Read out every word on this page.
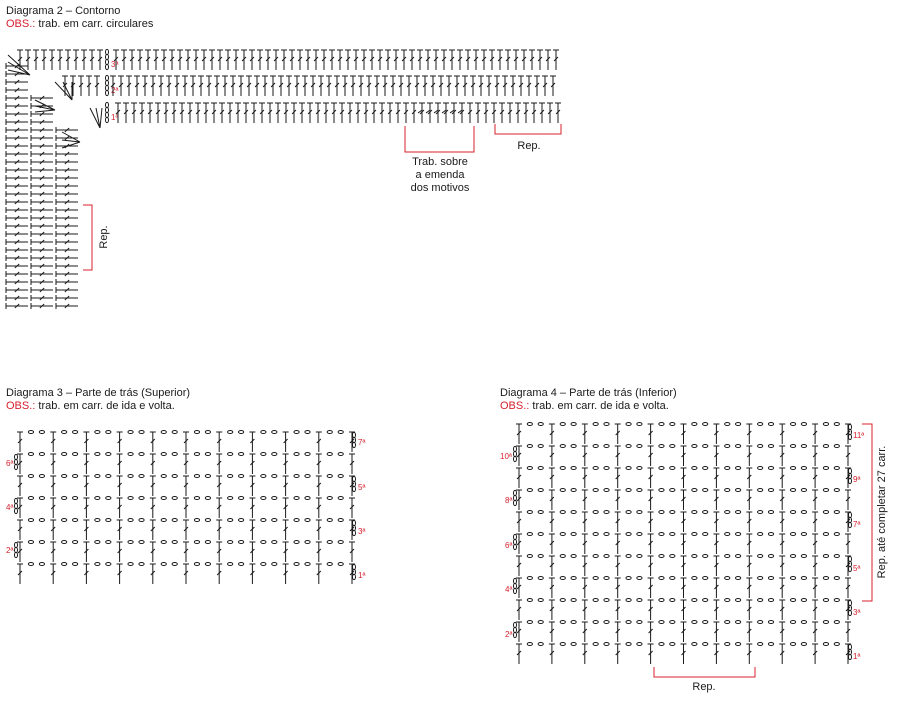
Diagrama 2 – Contorno
OBS.: trab. em carr. circulares
Diagrama 3 – Parte de trás (Superior)
OBS.: trab. em carr. de ida e volta.
Diagrama 4 – Parte de trás (Inferior)
OBS.: trab. em carr. de ida e volta.
3ª
2ª
1ª
Trab. sobre
a emenda
dos motivos
Rep.
Rep.
6ª
4ª
2ª
7ª
5ª
3ª
1ª
10ª
8ª
6ª
4ª
2ª
11ª
9ª
7ª
5ª
3ª
1ª
Rep. até completar 27 carr.
Rep.
